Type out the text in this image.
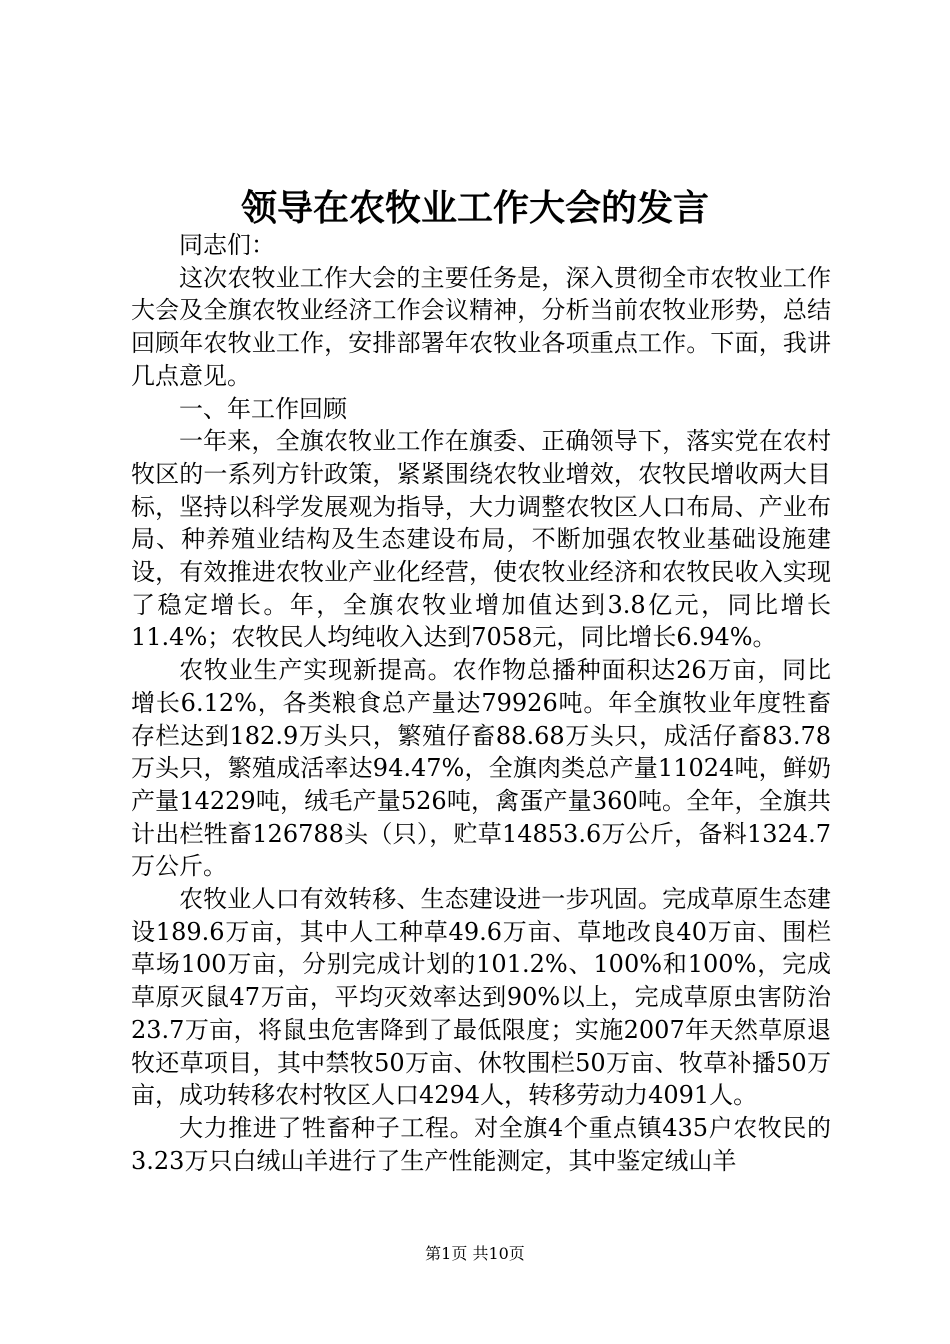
领导在农牧业工作大会的发言

同志们：

这次农牧业工作大会的主要任务是，深入贯彻全市农牧业工作大会及全旗农牧业经济工作会议精神，分析当前农牧业形势，总结回顾年农牧业工作，安排部署年农牧业各项重点工作。下面，我讲几点意见。

一、年工作回顾

一年来，全旗农牧业工作在旗委、正确领导下，落实党在农村牧区的一系列方针政策，紧紧围绕农牧业增效，农牧民增收两大目标，坚持以科学发展观为指导，大力调整农牧区人口布局、产业布局、种养殖业结构及生态建设布局，不断加强农牧业基础设施建设，有效推进农牧业产业化经营，使农牧业经济和农牧民收入实现了稳定增长。年，全旗农牧业增加值达到3.8亿元，同比增长11.4%；农牧民人均纯收入达到7058元，同比增长6.94%。

农牧业生产实现新提高。农作物总播种面积达26万亩，同比增长6.12%，各类粮食总产量达79926吨。年全旗牧业年度牲畜存栏达到182.9万头只，繁殖仔畜88.68万头只，成活仔畜83.78万头只，繁殖成活率达94.47%，全旗肉类总产量11024吨，鲜奶产量14229吨，绒毛产量526吨，禽蛋产量360吨。全年，全旗共计出栏牲畜126788头（只），贮草14853.6万公斤，备料1324.7万公斤。

农牧业人口有效转移、生态建设进一步巩固。完成草原生态建设189.6万亩，其中人工种草49.6万亩、草地改良40万亩、围栏草场100万亩，分别完成计划的101.2%、100%和100%，完成草原灭鼠47万亩，平均灭效率达到90%以上，完成草原虫害防治23.7万亩，将鼠虫危害降到了最低限度；实施2007年天然草原退牧还草项目，其中禁牧50万亩、休牧围栏50万亩、牧草补播50万亩，成功转移农村牧区人口4294人，转移劳动力4091人。

大力推进了牲畜种子工程。对全旗4个重点镇435户农牧民的3.23万只白绒山羊进行了生产性能测定，其中鉴定绒山羊

第1页 共10页
